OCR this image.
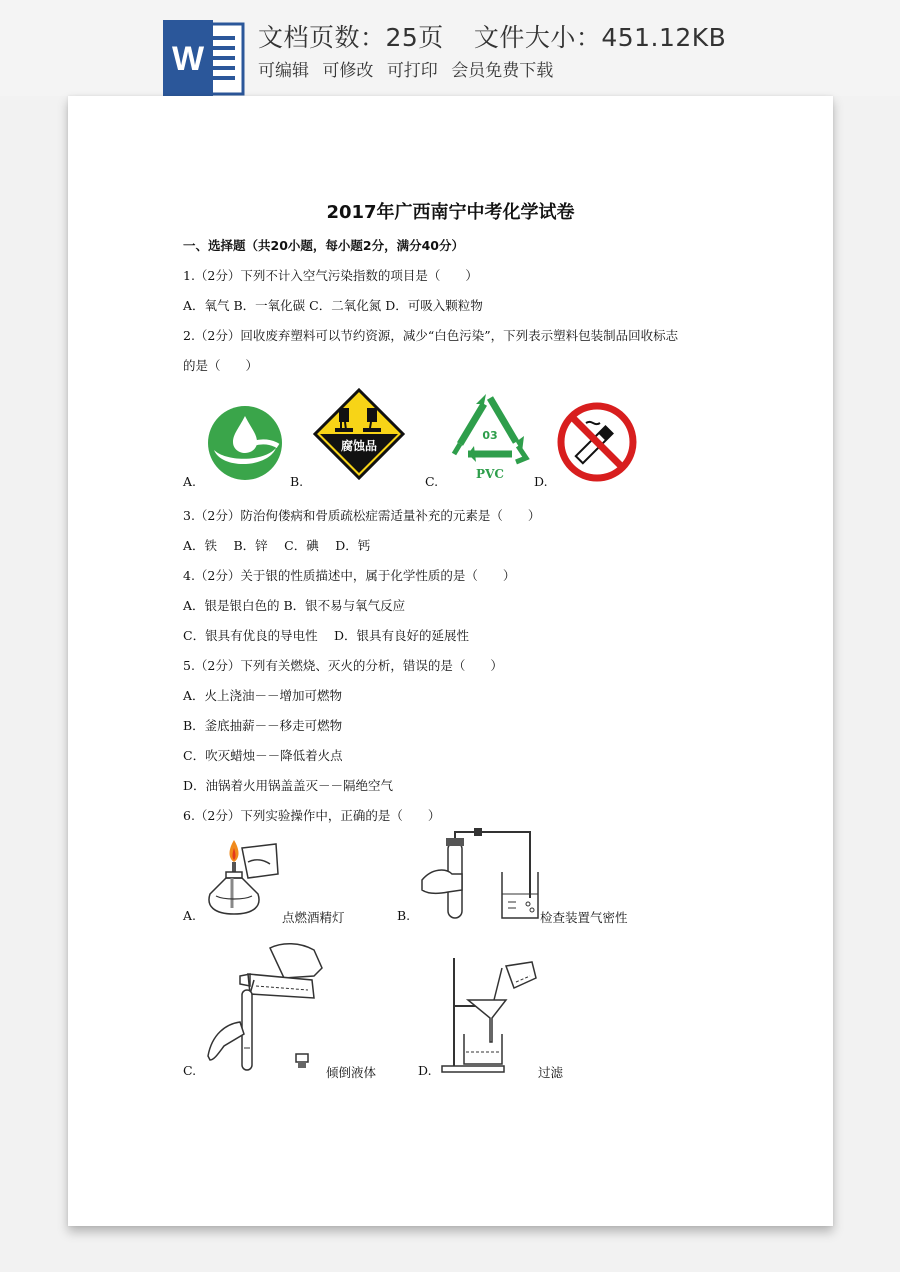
W
文档页数：25页 文件大小：451.12KB
可编辑 可修改 可打印 会员免费下载
2017年广西南宁中考化学试卷
一、选择题（共20小题，每小题2分，满分40分）
1.（2分）下列不计入空气污染指数的项目是（　　）
A．氧气 B．一氧化碳 C．二氧化氮 D．可吸入颗粒物
2.（2分）回收废弃塑料可以节约资源，减少“白色污染”，下列表示塑料包装制品回收标志
的是（　　）
A.	B.
腐蚀品
C.
03
PVC D.
3.（2分）防治佝偻病和骨质疏松症需适量补充的元素是（　　）
A．铁　 B．锌　 C．碘　 D．钙
4.（2分）关于银的性质描述中，属于化学性质的是（　　）
A．银是银白色的 B．银不易与氧气反应
C．银具有优良的导电性　 D．银具有良好的延展性
5.（2分）下列有关燃烧、灭火的分析，错误的是（　　）
A．火上浇油－－增加可燃物
B．釜底抽薪－－移走可燃物
C．吹灭蜡烛－－降低着火点
D．油锅着火用锅盖盖灭－－隔绝空气
6.（2分）下列实验操作中，正确的是（　　）
A.	点燃酒精灯	B.	检查装置气密性
C.	倾倒液体	D.	过滤
